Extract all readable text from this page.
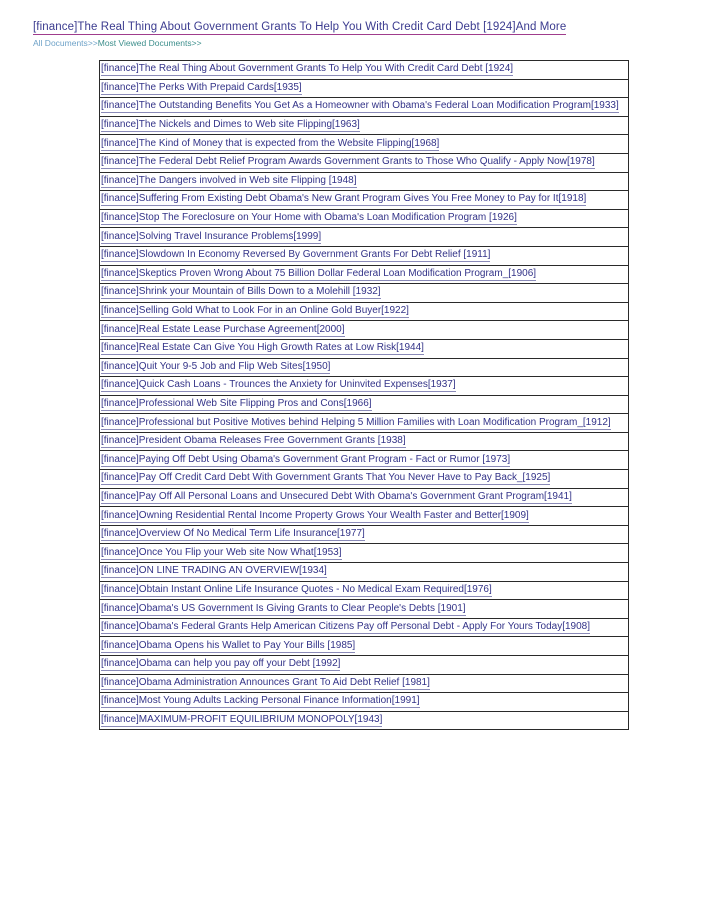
[finance]The Real Thing About Government Grants To Help You With Credit Card Debt [1924]And More
All Documents>>Most Viewed Documents>>
[finance]The Real Thing About Government Grants To Help You With Credit Card Debt [1924]
[finance]The Perks With Prepaid Cards[1935]
[finance]The Outstanding Benefits You Get As a Homeowner with Obama's Federal Loan Modification Program[1933]
[finance]The Nickels and Dimes to Web site Flipping[1963]
[finance]The Kind of Money that is expected from the Website Flipping[1968]
[finance]The Federal Debt Relief Program Awards Government Grants to Those Who Qualify - Apply Now[1978]
[finance]The Dangers involved in Web site Flipping [1948]
[finance]Suffering From Existing Debt Obama's New Grant Program Gives You Free Money to Pay for It[1918]
[finance]Stop The Foreclosure on Your Home with Obama's Loan Modification Program [1926]
[finance]Solving Travel Insurance Problems[1999]
[finance]Slowdown In Economy Reversed By Government Grants For Debt Relief [1911]
[finance]Skeptics Proven Wrong About 75 Billion Dollar Federal Loan Modification Program_[1906]
[finance]Shrink your Mountain of Bills Down to a Molehill [1932]
[finance]Selling Gold What to Look For in an Online Gold Buyer[1922]
[finance]Real Estate Lease Purchase Agreement[2000]
[finance]Real Estate Can Give You High Growth Rates at Low Risk[1944]
[finance]Quit Your 9-5 Job and Flip Web Sites[1950]
[finance]Quick Cash Loans - Trounces the Anxiety for Uninvited Expenses[1937]
[finance]Professional Web Site Flipping Pros and Cons[1966]
[finance]Professional but Positive Motives behind Helping 5 Million Families with Loan Modification Program_[1912]
[finance]President Obama Releases Free Government Grants [1938]
[finance]Paying Off Debt Using Obama's Government Grant Program - Fact or Rumor [1973]
[finance]Pay Off Credit Card Debt With Government Grants That You Never Have to Pay Back_[1925]
[finance]Pay Off All Personal Loans and Unsecured Debt With Obama's Government Grant Program[1941]
[finance]Owning Residential Rental Income Property Grows Your Wealth Faster and Better[1909]
[finance]Overview Of No Medical Term Life Insurance[1977]
[finance]Once You Flip your Web site Now What[1953]
[finance]ON LINE TRADING AN OVERVIEW[1934]
[finance]Obtain Instant Online Life Insurance Quotes - No Medical Exam Required[1976]
[finance]Obama's US Government Is Giving Grants to Clear People's Debts [1901]
[finance]Obama's Federal Grants Help American Citizens Pay off Personal Debt - Apply For Yours Today[1908]
[finance]Obama Opens his Wallet to Pay Your Bills [1985]
[finance]Obama can help you pay off your Debt [1992]
[finance]Obama Administration Announces Grant To Aid Debt Relief [1981]
[finance]Most Young Adults Lacking Personal Finance Information[1991]
[finance]MAXIMUM-PROFIT EQUILIBRIUM MONOPOLY[1943]
